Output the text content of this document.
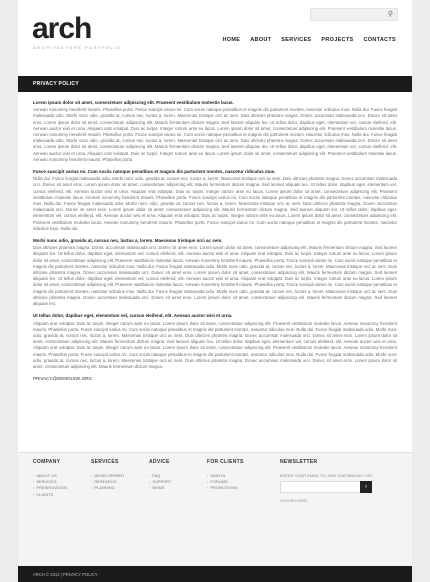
arch
ARCHITECTURE PORTFOLIO
⚲
HOME ABOUT SERVICES PROJECTS CONTACTS
PRIVACY POLICY
Lorem ipsum dolor sit amet, consectetuer adipiscing elit. Praesent vestibulum molestie lacus.

Aenean nonummy hendrerit mauris. Phasellus porta. Fusce suscipit varius mi. Cum sociis natoque penatibus et magnis dis parturient montes, nascetur ridiculus mus. Nulla dui. Fusce feugiat malesuada odio. Morbi nunc odio, gravida at, cursus nec, luctus a, lorem. Maecenas tristique orci ac sem. Duis ultricies pharetra magna. Donec accumsan malesuada orci. Donec sit amet eros. Lorem ipsum dolor sit amet, consectetuer adipiscing elit. Mauris fermentum dictum magna. Sed laoreet aliquam leo. Ut tellus dolor, dapibus eget, elementum vel, cursus eleifend, elit. Aenean auctor wisi et urna. Aliquam erat volutpat. Duis ac turpis. Integer rutrum ante eu lacus. Lorem ipsum dolor sit amet, consectetuer adipiscing elit. Praesent vestibulum molestie lacus. Aenean nonummy hendrerit mauris. Phasellus porta. Fusce suscipit varius mi. Cum sociis natoque penatibus et magnis dis parturient montes, nascetur ridiculus mus. Nulla dui. Fusce feugiat malesuada odio. Morbi nunc odio, gravida at, cursus nec, luctus a, lorem. Maecenas tristique orci ac sem. Duis ultricies pharetra magna. Donec accumsan malesuada orci. Donec sit amet eros. Lorem ipsum dolor sit amet, consectetuer adipiscing elit. Mauris fermentum dictum magna. Sed laoreet aliquam leo. Ut tellus dolor, dapibus eget, elementum vel, cursus eleifend, elit. Aenean auctor wisi et urna. Aliquam erat volutpat. Duis ac turpis. Integer rutrum ante eu lacus. Lorem ipsum dolor sit amet, consectetuer adipiscing elit. Praesent vestibulum molestie lacus. Aenean nonummy hendrerit mauris. Phasellus porta.

Fusce suscipit varius mi. Cum sociis natoque penatibus et magnis dis parturient montes, nascetur ridiculus mus.

Nulla dui. Fusce feugiat malesuada odio. Morbi nunc odio, gravida at, cursus nec, luctus a, lorem. Maecenas tristique orci ac sem. Duis ultricies pharetra magna. Donec accumsan malesuada orci. Donec sit amet eros. Lorem ipsum dolor sit amet, consectetuer adipiscing elit. Mauris fermentum dictum magna. Sed laoreet aliquam leo. Ut tellus dolor, dapibus eget, elementum vel, cursus eleifend, elit. Aenean auctor wisi et urna. Aliquam erat volutpat. Duis ac turpis. Integer rutrum ante eu lacus. Lorem ipsum dolor sit amet, consectetuer adipiscing elit. Praesent vestibulum molestie lacus. Aenean nonummy hendrerit mauris. Phasellus porta. Fusce suscipit varius mi. Cum sociis natoque penatibus et magnis dis parturient montes, nascetur ridiculus mus. Nulla dui. Fusce feugiat malesuada odio. Morbi nunc odio, gravida at, cursus nec, luctus a, lorem. Maecenas tristique orci ac sem. Duis ultricies pharetra magna. Donec accumsan malesuada orci. Donec sit amet eros. Lorem ipsum dolor sit amet, consectetuer adipiscing elit. Mauris fermentum dictum magna. Sed laoreet aliquam leo. Ut tellus dolor, dapibus eget, elementum vel, cursus eleifend, elit. Aenean auctor wisi et urna. Aliquam erat volutpat. Duis ac turpis. Integer rutrum ante eu lacus. Lorem ipsum dolor sit amet, consectetuer adipiscing elit. Praesent vestibulum molestie lacus. Aenean nonummy hendrerit mauris. Phasellus porta. Fusce suscipit varius mi. Cum sociis natoque penatibus et magnis dis parturient montes, nascetur ridiculus mus. Nulla dui.

Morbi nunc odio, gravida at, cursus nec, luctus a, lorem. Maecenas tristique orci ac sem.

Duis ultricies pharetra magna. Donec accumsan malesuada orci. Donec sit amet eros. Lorem ipsum dolor sit amet, consectetuer adipiscing elit. Mauris fermentum dictum magna. Sed laoreet aliquam leo. Ut tellus dolor, dapibus eget, elementum vel, cursus eleifend, elit. Aenean auctor wisi et urna. Aliquam erat volutpat. Duis ac turpis. Integer rutrum ante eu lacus. Lorem ipsum dolor sit amet, consectetuer adipiscing elit. Praesent vestibulum molestie lacus. Aenean nonummy hendrerit mauris. Phasellus porta. Fusce suscipit varius mi. Cum sociis natoque penatibus et magnis dis parturient montes, nascetur ridiculus mus. Nulla dui. Fusce feugiat malesuada odio. Morbi nunc odio, gravida at, cursus nec, luctus a, lorem. Maecenas tristique orci ac sem. Duis ultricies pharetra magna. Donec accumsan malesuada orci. Donec sit amet eros. Lorem ipsum dolor sit amet, consectetuer adipiscing elit. Mauris fermentum dictum magna. Sed laoreet aliquam leo. Ut tellus dolor, dapibus eget, elementum vel, cursus eleifend, elit. Aenean auctor wisi et urna. Aliquam erat volutpat. Duis ac turpis. Integer rutrum ante eu lacus. Lorem ipsum dolor sit amet, consectetuer adipiscing elit. Praesent vestibulum molestie lacus. Aenean nonummy hendrerit mauris. Phasellus porta. Fusce suscipit varius mi. Cum sociis natoque penatibus et magnis dis parturient montes, nascetur ridiculus mus. Nulla dui. Fusce feugiat malesuada odio. Morbi nunc odio, gravida at, cursus nec, luctus a, lorem. Maecenas tristique orci ac sem. Duis ultricies pharetra magna. Donec accumsan malesuada orci. Donec sit amet eros. Lorem ipsum dolor sit amet, consectetuer adipiscing elit. Mauris fermentum dictum magna. Sed laoreet aliquam leo.

Ut tellus dolor, dapibus eget, elementum vel, cursus eleifend, elit. Aenean auctor wisi et urna.

Aliquam erat volutpat. Duis ac turpis. Integer rutrum ante eu lacus. Lorem ipsum dolor sit amet, consectetuer adipiscing elit. Praesent vestibulum molestie lacus. Aenean nonummy hendrerit mauris. Phasellus porta. Fusce suscipit varius mi. Cum sociis natoque penatibus et magnis dis parturient montes, nascetur ridiculus mus. Nulla dui. Fusce feugiat malesuada odio. Morbi nunc odio, gravida at, cursus nec, luctus a, lorem. Maecenas tristique orci ac sem. Duis ultricies pharetra magna. Donec accumsan malesuada orci. Donec sit amet eros. Lorem ipsum dolor sit amet, consectetuer adipiscing elit. Mauris fermentum dictum magna. Sed laoreet aliquam leo. Ut tellus dolor, dapibus eget, elementum vel, cursus eleifend, elit. Aenean auctor wisi et urna. Aliquam erat volutpat. Duis ac turpis. Integer rutrum ante eu lacus. Lorem ipsum dolor sit amet, consectetuer adipiscing elit. Praesent vestibulum molestie lacus. Aenean nonummy hendrerit mauris. Phasellus porta. Fusce suscipit varius mi. Cum sociis natoque penatibus et magnis dis parturient montes, nascetur ridiculus mus. Nulla dui. Fusce feugiat malesuada odio. Morbi nunc odio, gravida at, cursus nec, luctus a, lorem. Maecenas tristique orci ac sem. Duis ultricies pharetra magna. Donec accumsan malesuada orci. Donec sit amet eros. Lorem ipsum dolor sit amet, consectetuer adipiscing elit. Mauris fermentum dictum magna.

PRIVACY@DEMOLINK.ORG
COMPANY
› ABOUT US
› SERVICES
› PRESENTATION
› CLIENTS
SERVICES
› DEVELOPMENT
› RESEARCH
› PLANNING
ADVICE
› FAQ
› SUPPORT
› NEWS
FOR CLIENTS
› SIGN IN
› FORUMS
› PROMOTIONS
NEWSLETTER

ENTER YOUR EMAIL TO JOIN OUR MAILING LIST

›
UNSUBSCRIBE
ARCH © 2012 | PRIVACY POLICY
